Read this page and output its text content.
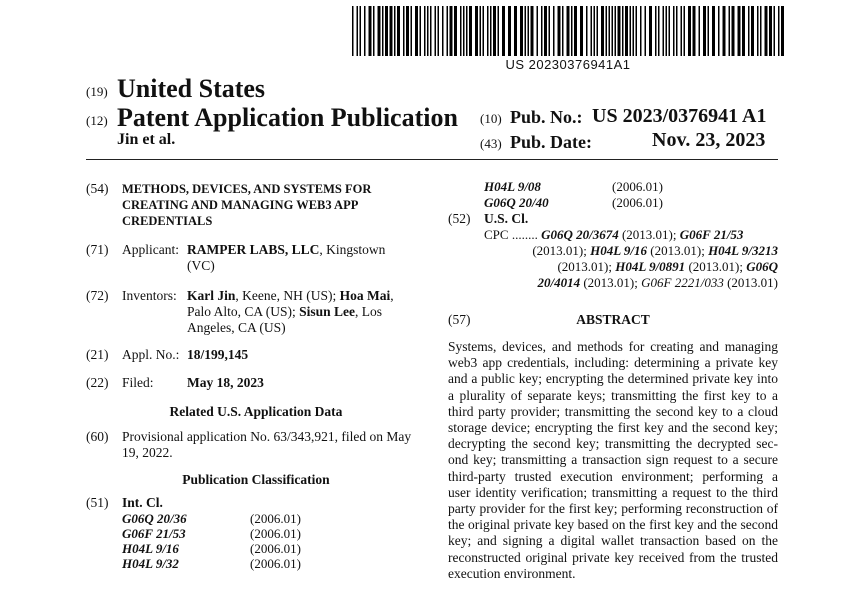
US 20230376941A1
(19) United States
(12) Patent Application Publication
Jin et al.
(10) Pub. No.: US 2023/0376941 A1
(43) Pub. Date:	Nov. 23, 2023
(54) METHODS, DEVICES, AND SYSTEMS FOR
CREATING AND MANAGING WEB3 APP
CREDENTIALS
(71) Applicant: RAMPER LABS, LLC, Kingstown
(VC)
(72) Inventors: Karl Jin, Keene, NH (US); Hoa Mai,
Palo Alto, CA (US); Sisun Lee, Los
Angeles, CA (US)
(21) Appl. No.: 18/199,145
(22) Filed: May 18, 2023
Related U.S. Application Data
(60) Provisional application No. 63/343,921, filed on May
19, 2022.
Publication Classification
(51) Int. Cl.
G06Q 20/36	(2006.01)
G06F 21/53	(2006.01)
H04L 9/16	(2006.01)
H04L 9/32	(2006.01)
H04L 9/08	(2006.01)
G06Q 20/40	(2006.01)
(52) U.S. Cl.
CPC ........ G06Q 20/3674 (2013.01); G06F 21/53
(2013.01); H04L 9/16 (2013.01); H04L 9/3213
(2013.01); H04L 9/0891 (2013.01); G06Q
20/4014 (2013.01); G06F 2221/033 (2013.01)
(57)	ABSTRACT
Systems, devices, and methods for creating and managing
web3 app credentials, including: determining a private key
and a public key; encrypting the determined private key into
a plurality of separate keys; transmitting the first key to a
third party provider; transmitting the second key to a cloud
storage device; encrypting the first key and the second key;
decrypting the second key; transmitting the decrypted sec-
ond key; transmitting a transaction sign request to a secure
third-party trusted execution environment; performing a
user identity verification; transmitting a request to the third
party provider for the first key; performing reconstruction of
the original private key based on the first key and the second
key; and signing a digital wallet transaction based on the
reconstructed original private key received from the trusted
execution environment.
